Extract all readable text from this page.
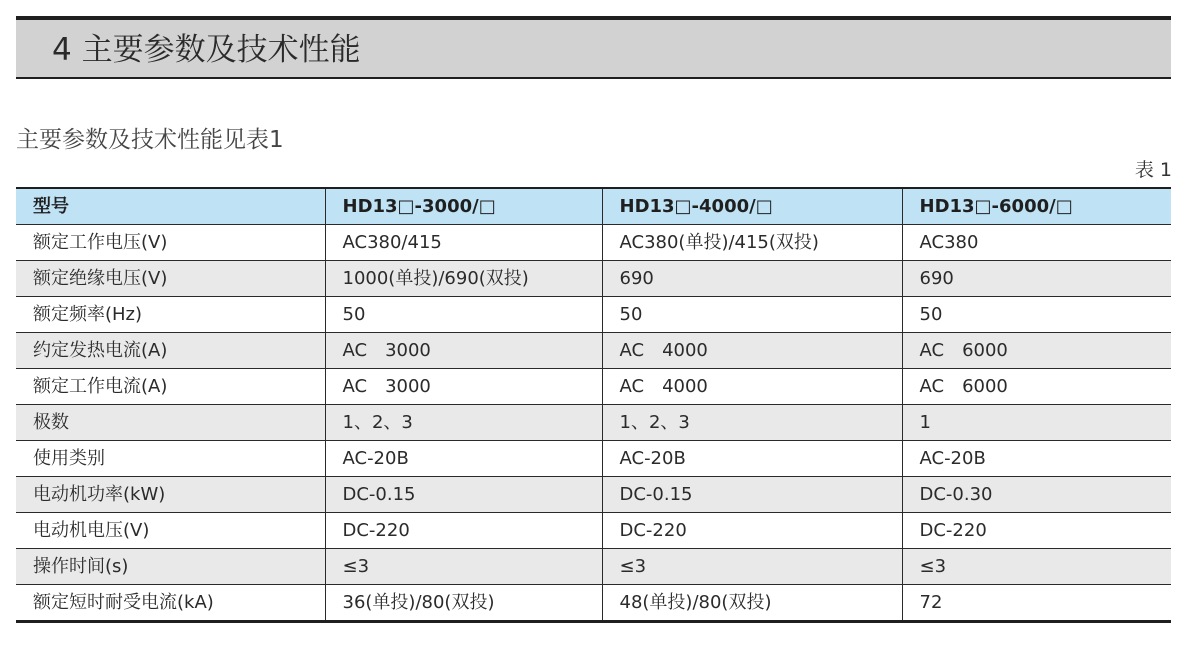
4 主要参数及技术性能
主要参数及技术性能见表1
表 1
型号	HD13□-3000/□	HD13□-4000/□	HD13□-6000/□
额定工作电压(V)	AC380/415	AC380(单投)/415(双投)	AC380
额定绝缘电压(V)	1000(单投)/690(双投)	690	690
额定频率(Hz)	50	50	50
约定发热电流(A)	AC　3000	AC　4000	AC　6000
额定工作电流(A)	AC　3000	AC　4000	AC　6000
极数	1、2、3	1、2、3	1
使用类别	AC-20B	AC-20B	AC-20B
电动机功率(kW)	DC-0.15	DC-0.15	DC-0.30
电动机电压(V)	DC-220	DC-220	DC-220
操作时间(s)	≤3	≤3	≤3
额定短时耐受电流(kA)	36(单投)/80(双投)	48(单投)/80(双投)	72
